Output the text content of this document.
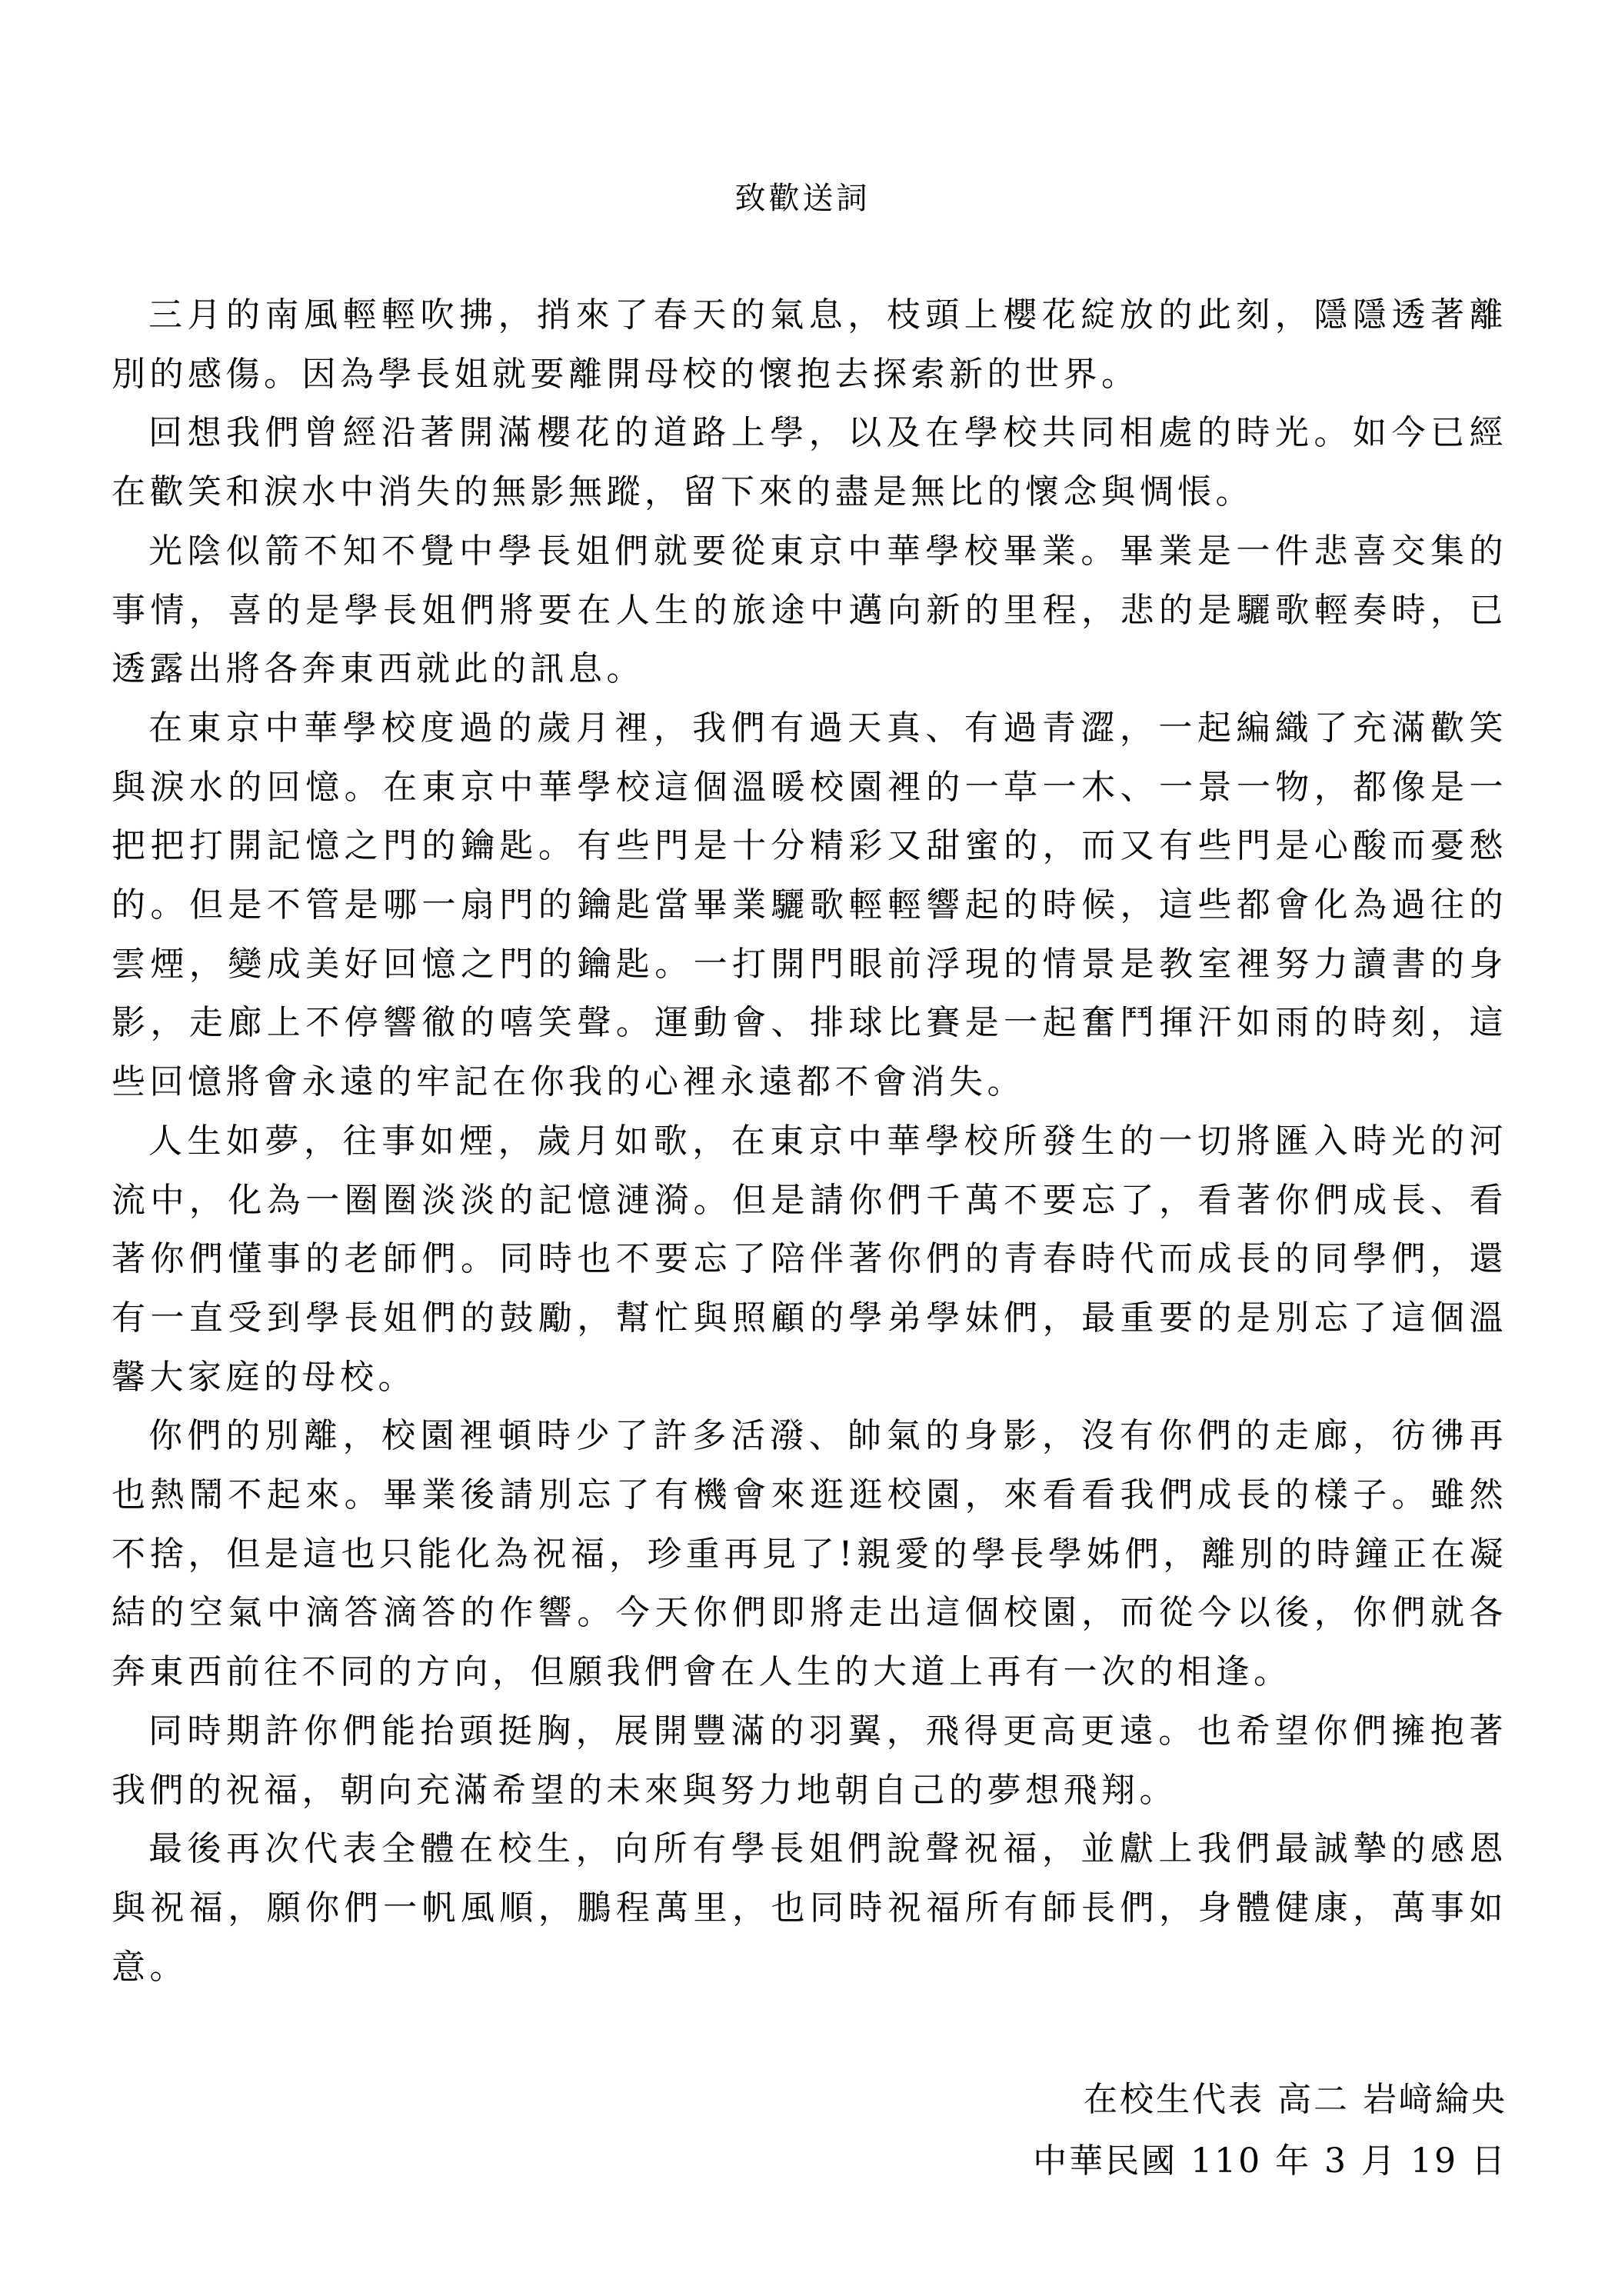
致歡送詞

三月的南風輕輕吹拂，捎來了春天的氣息，枝頭上櫻花綻放的此刻，隱隱透著離別的感傷。因為學長姐就要離開母校的懷抱去探索新的世界。

回想我們曾經沿著開滿櫻花的道路上學，以及在學校共同相處的時光。如今已經在歡笑和淚水中消失的無影無蹤，留下來的盡是無比的懷念與惆悵。

光陰似箭不知不覺中學長姐們就要從東京中華學校畢業。畢業是一件悲喜交集的事情，喜的是學長姐們將要在人生的旅途中邁向新的里程，悲的是驪歌輕奏時，已透露出將各奔東西就此的訊息。

在東京中華學校度過的歲月裡，我們有過天真、有過青澀，一起編織了充滿歡笑與淚水的回憶。在東京中華學校這個溫暖校園裡的一草一木、一景一物，都像是一把把打開記憶之門的鑰匙。有些門是十分精彩又甜蜜的，而又有些門是心酸而憂愁的。但是不管是哪一扇門的鑰匙當畢業驪歌輕輕響起的時候，這些都會化為過往的雲煙，變成美好回憶之門的鑰匙。一打開門眼前浮現的情景是教室裡努力讀書的身影，走廊上不停響徹的嘻笑聲。運動會、排球比賽是一起奮鬥揮汗如雨的時刻，這些回憶將會永遠的牢記在你我的心裡永遠都不會消失。

人生如夢，往事如煙，歲月如歌，在東京中華學校所發生的一切將匯入時光的河流中，化為一圈圈淡淡的記憶漣漪。但是請你們千萬不要忘了，看著你們成長、看著你們懂事的老師們。同時也不要忘了陪伴著你們的青春時代而成長的同學們，還有一直受到學長姐們的鼓勵，幫忙與照顧的學弟學妹們，最重要的是別忘了這個溫馨大家庭的母校。

你們的別離，校園裡頓時少了許多活潑、帥氣的身影，沒有你們的走廊，彷彿再也熱鬧不起來。畢業後請別忘了有機會來逛逛校園，來看看我們成長的樣子。雖然不捨，但是這也只能化為祝福，珍重再見了!親愛的學長學姊們，離別的時鐘正在凝結的空氣中滴答滴答的作響。今天你們即將走出這個校園，而從今以後，你們就各奔東西前往不同的方向，但願我們會在人生的大道上再有一次的相逢。

同時期許你們能抬頭挺胸，展開豐滿的羽翼，飛得更高更遠。也希望你們擁抱著我們的祝福，朝向充滿希望的未來與努力地朝自己的夢想飛翔。

最後再次代表全體在校生，向所有學長姐們說聲祝福，並獻上我們最誠摯的感恩與祝福，願你們一帆風順，鵬程萬里，也同時祝福所有師長們，身體健康，萬事如意。

在校生代表 高二 岩﨑綸央
中華民國 110 年 3 月 19 日
